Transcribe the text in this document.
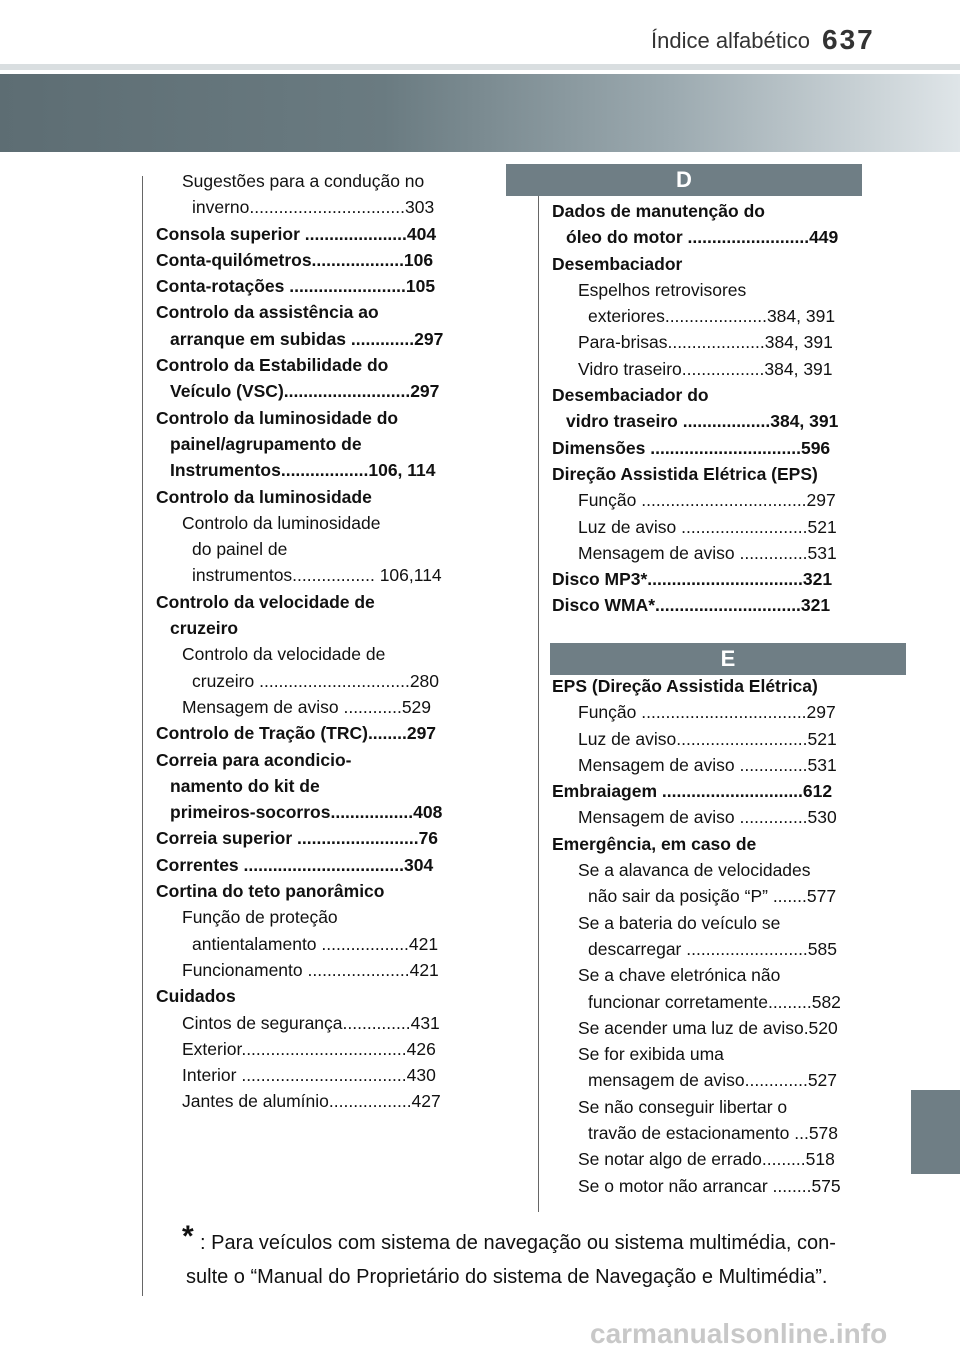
Índice alfabético 637
Sugestões para a condução no
inverno................................303
Consola superior .....................404
Conta-quilómetros...................106
Conta-rotações ........................105
Controlo da assistência ao
arranque em subidas .............297
Controlo da Estabilidade do
Veículo (VSC)..........................297
Controlo da luminosidade do
painel/agrupamento de
Instrumentos..................106, 114
Controlo da luminosidade
Controlo da luminosidade
do painel de
instrumentos................. 106,114
Controlo da velocidade de
cruzeiro
Controlo da velocidade de
cruzeiro ...............................280
Mensagem de aviso ............529
Controlo de Tração (TRC)........297
Correia para acondicio-
namento do kit de
primeiros-socorros.................408
Correia superior .........................76
Correntes .................................304
Cortina do teto panorâmico
Função de proteção
antientalamento ..................421
Funcionamento .....................421
Cuidados
Cintos de segurança..............431
Exterior..................................426
Interior ..................................430
Jantes de alumínio.................427
D
Dados de manutenção do
óleo do motor .........................449
Desembaciador
Espelhos retrovisores
exteriores.....................384, 391
Para-brisas....................384, 391
Vidro traseiro.................384, 391
Desembaciador do
vidro traseiro ..................384, 391
Dimensões ...............................596
Direção Assistida Elétrica (EPS)
Função ..................................297
Luz de aviso ..........................521
Mensagem de aviso ..............531
Disco MP3*................................321
Disco WMA*..............................321
E
EPS (Direção Assistida Elétrica)
Função ..................................297
Luz de aviso...........................521
Mensagem de aviso ..............531
Embraiagem .............................612
Mensagem de aviso ..............530
Emergência, em caso de
Se a alavanca de velocidades
não sair da posição “P” .......577
Se a bateria do veículo se
descarregar .........................585
Se a chave eletrónica não
funcionar corretamente.........582
Se acender uma luz de aviso.520
Se for exibida uma
mensagem de aviso.............527
Se não conseguir libertar o
travão de estacionamento ...578
Se notar algo de errado.........518
Se o motor não arrancar ........575
* : Para veículos com sistema de navegação ou sistema multimédia, con-
sulte o “Manual do Proprietário do sistema de Navegação e Multimédia”.
carmanualsonline.info
